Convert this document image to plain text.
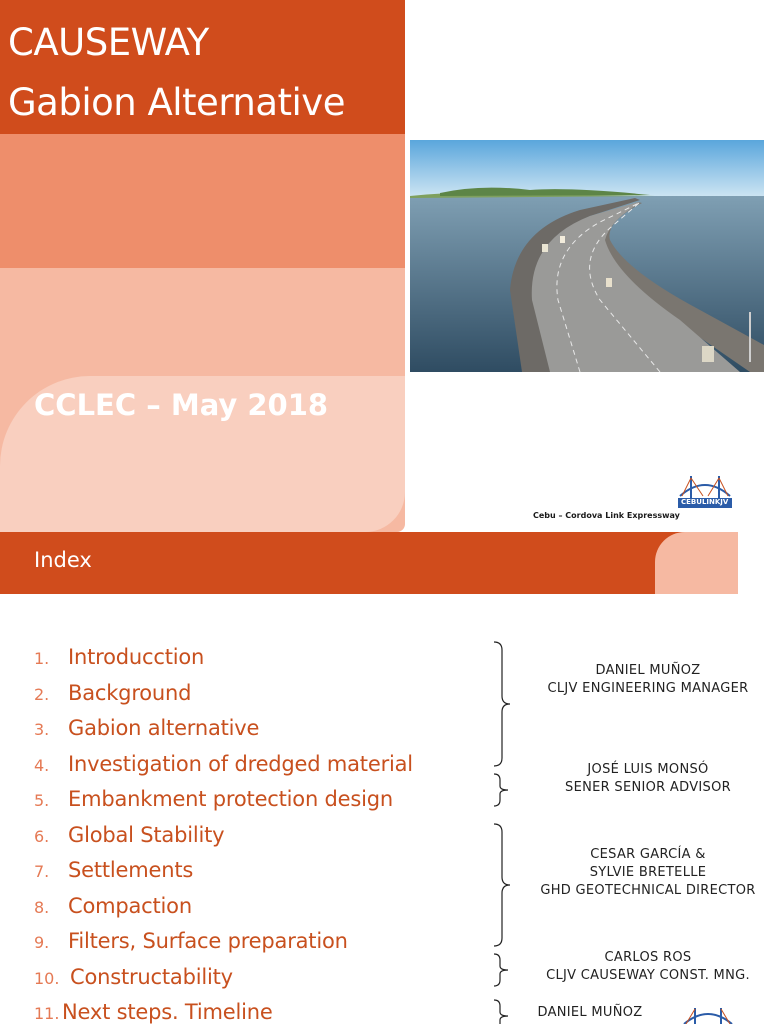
CAUSEWAY
Gabion Alternative
CCLEC – May 2018
CEBULINKJV
Cebu – Cordova Link Expressway
Index
1. Introducction
2. Background
3. Gabion alternative
4. Investigation of dredged material
5. Embankment protection design
6. Global Stability
7. Settlements
8. Compaction
9. Filters, Surface preparation
10. Constructability
11. Next steps. Timeline
DANIEL MUÑOZ
CLJV ENGINEERING MANAGER
JOSÉ LUIS MONSÓ
SENER SENIOR ADVISOR
CESAR GARCÍA &
SYLVIE BRETELLE
GHD GEOTECHNICAL DIRECTOR
CARLOS ROS
CLJV CAUSEWAY CONST. MNG.
DANIEL MUÑOZ
